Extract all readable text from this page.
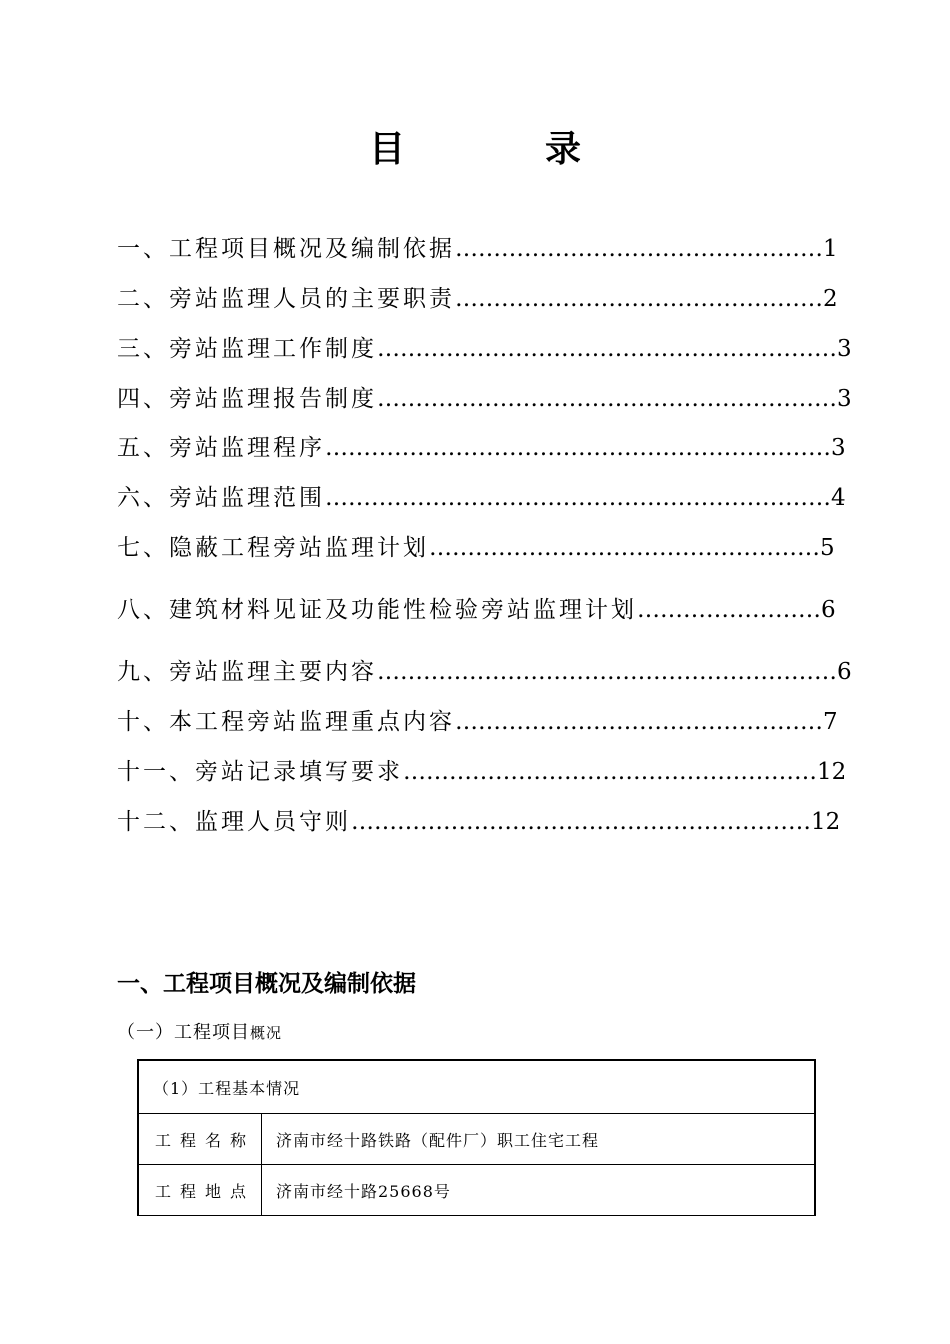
目　录
一、工程项目概况及编制依据…………………………………………1
二、旁站监理人员的主要职责…………………………………………2
三、旁站监理工作制度……………………………………………………3
四、旁站监理报告制度……………………………………………………3
五、旁站监理程序…………………………………………………………3
六、旁站监理范围…………………………………………………………4
七、隐蔽工程旁站监理计划……………………………………………5
八、建筑材料见证及功能性检验旁站监理计划……………………6
九、旁站监理主要内容……………………………………………………6
十、本工程旁站监理重点内容…………………………………………7
十一、旁站记录填写要求………………………………………………12
十二、监理人员守则……………………………………………………12
一、工程项目概况及编制依据
（一）工程项目概况
（1）工程基本情况	
工程名称	济南市经十路铁路（配件厂）职工住宅工程
工程地点	济南市经十路25668号
